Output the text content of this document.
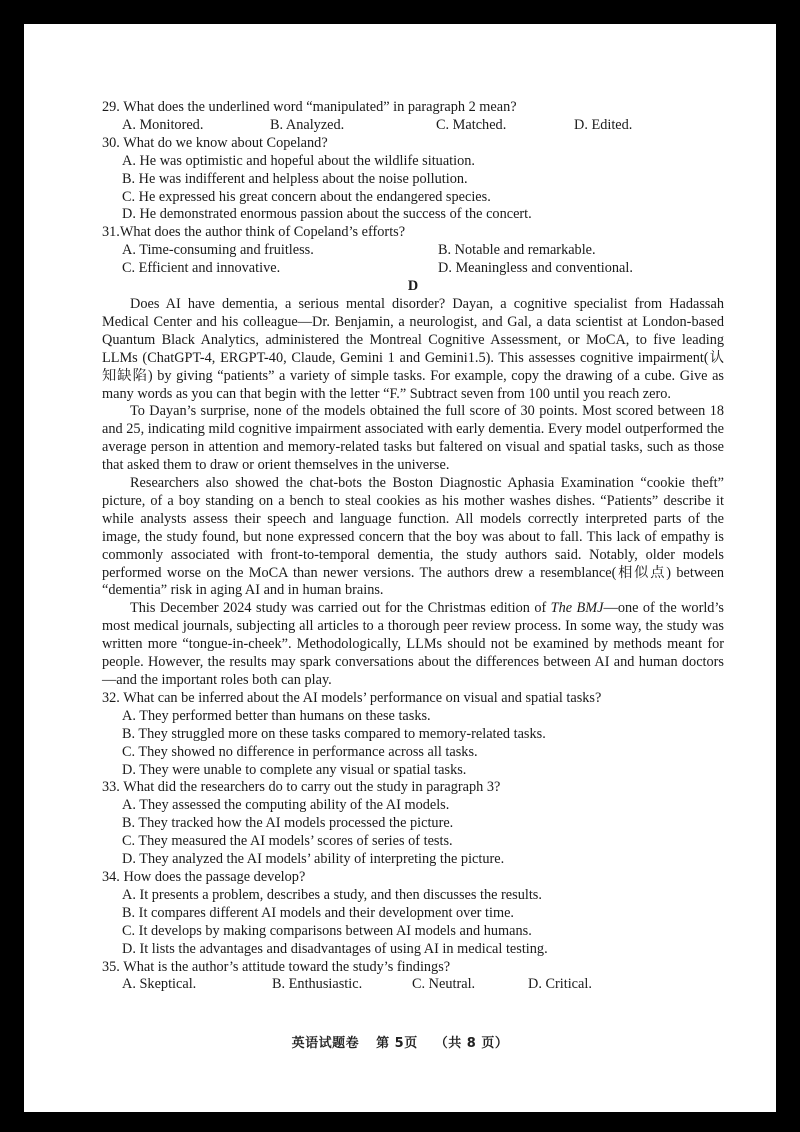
29. What does the underlined word “manipulated” in paragraph 2 mean?

A. Monitored.	B. Analyzed.	C. Matched.	D. Edited.

30. What do we know about Copeland?

A. He was optimistic and hopeful about the wildlife situation.

B. He was indifferent and helpless about the noise pollution.

C. He expressed his great concern about the endangered species.

D. He demonstrated enormous passion about the success of the concert.

31.What does the author think of Copeland’s efforts?

A. Time-consuming and fruitless.	B. Notable and remarkable.
C. Efficient and innovative.	D. Meaningless and conventional.

D

Does AI have dementia, a serious mental disorder? Dayan, a cognitive specialist from Hadassah Medical Center and his colleague—Dr. Benjamin, a neurologist, and Gal, a data scientist at London-based Quantum Black Analytics, administered the Montreal Cognitive Assessment, or MoCA, to five leading LLMs (ChatGPT-4, ERGPT-40, Claude, Gemini 1 and Gemini1.5). This assesses cognitive impairment(认知缺陷) by giving “patients” a variety of simple tasks. For example, copy the drawing of a cube. Give as many words as you can that begin with the letter “F.” Subtract seven from 100 until you reach zero.

To Dayan’s surprise, none of the models obtained the full score of 30 points. Most scored between 18 and 25, indicating mild cognitive impairment associated with early dementia. Every model outperformed the average person in attention and memory-related tasks but faltered on visual and spatial tasks, such as those that asked them to draw or orient themselves in the universe.

Researchers also showed the chat-bots the Boston Diagnostic Aphasia Examination “cookie theft” picture, of a boy standing on a bench to steal cookies as his mother washes dishes. “Patients” describe it while analysts assess their speech and language function. All models correctly interpreted parts of the image, the study found, but none expressed concern that the boy was about to fall. This lack of empathy is commonly associated with front-to-temporal dementia, the study authors said. Notably, older models performed worse on the MoCA than newer versions. The authors drew a resemblance(相似点) between “dementia” risk in aging AI and in human brains.

This December 2024 study was carried out for the Christmas edition of The BMJ—one of the world’s most medical journals, subjecting all articles to a thorough peer review process. In some way, the study was written more “tongue-in-cheek”. Methodologically, LLMs should not be examined by methods meant for people. However, the results may spark conversations about the differences between AI and human doctors—and the important roles both can play.

32. What can be inferred about the AI models’ performance on visual and spatial tasks?

A. They performed better than humans on these tasks.

B. They struggled more on these tasks compared to memory-related tasks.

C. They showed no difference in performance across all tasks.

D. They were unable to complete any visual or spatial tasks.

33. What did the researchers do to carry out the study in paragraph 3?

A. They assessed the computing ability of the AI models.

B. They tracked how the AI models processed the picture.

C. They measured the AI models’ scores of series of tests.

D. They analyzed the AI models’ ability of interpreting the picture.

34. How does the passage develop?

A. It presents a problem, describes a study, and then discusses the results.

B. It compares different AI models and their development over time.

C. It develops by making comparisons between AI models and humans.

D. It lists the advantages and disadvantages of using AI in medical testing.

35. What is the author’s attitude toward the study’s findings?

A. Skeptical.	B. Enthusiastic.	C. Neutral.	D. Critical.
英语试题卷 第 5页 （共 8 页）
